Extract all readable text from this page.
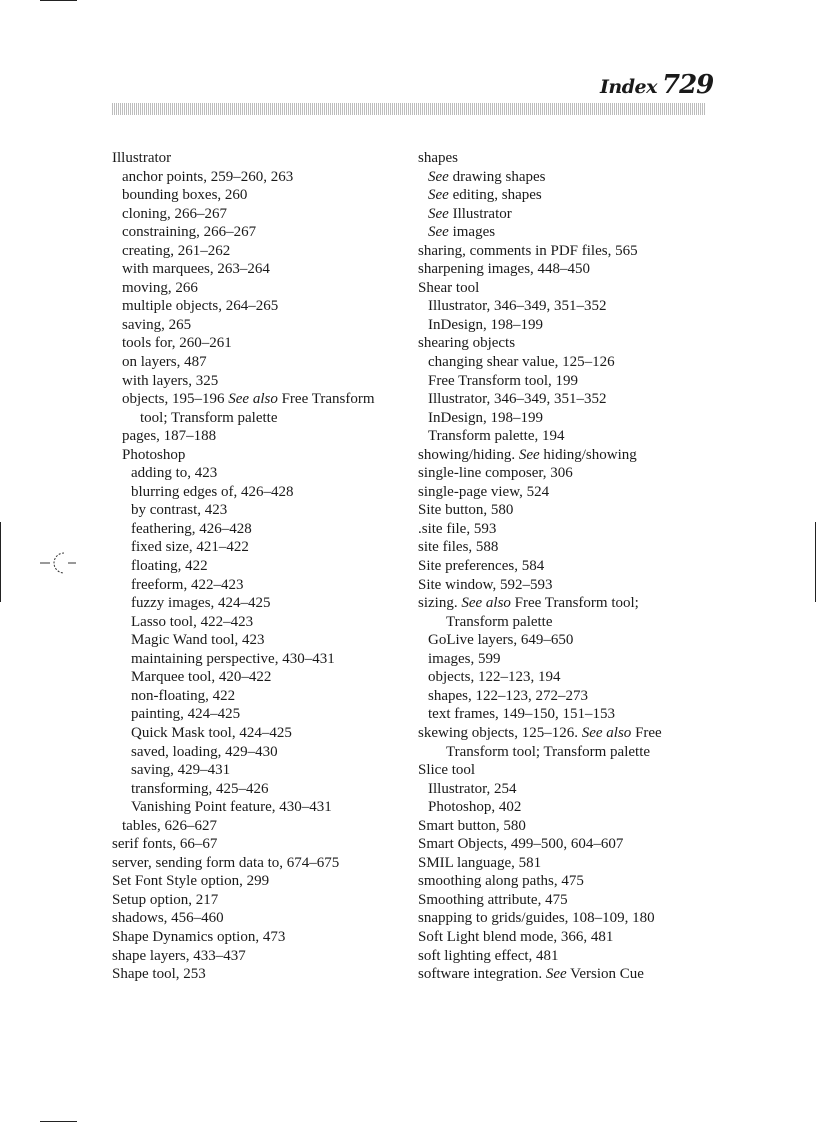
Index 729
Illustrator
anchor points, 259–260, 263
bounding boxes, 260
cloning, 266–267
constraining, 266–267
creating, 261–262
with marquees, 263–264
moving, 266
multiple objects, 264–265
saving, 265
tools for, 260–261
on layers, 487
with layers, 325
objects, 195–196 See also Free Transform
tool; Transform palette
pages, 187–188
Photoshop
adding to, 423
blurring edges of, 426–428
by contrast, 423
feathering, 426–428
fixed size, 421–422
floating, 422
freeform, 422–423
fuzzy images, 424–425
Lasso tool, 422–423
Magic Wand tool, 423
maintaining perspective, 430–431
Marquee tool, 420–422
non-floating, 422
painting, 424–425
Quick Mask tool, 424–425
saved, loading, 429–430
saving, 429–431
transforming, 425–426
Vanishing Point feature, 430–431
tables, 626–627
serif fonts, 66–67
server, sending form data to, 674–675
Set Font Style option, 299
Setup option, 217
shadows, 456–460
Shape Dynamics option, 473
shape layers, 433–437
Shape tool, 253
shapes
See drawing shapes
See editing, shapes
See Illustrator
See images
sharing, comments in PDF files, 565
sharpening images, 448–450
Shear tool
Illustrator, 346–349, 351–352
InDesign, 198–199
shearing objects
changing shear value, 125–126
Free Transform tool, 199
Illustrator, 346–349, 351–352
InDesign, 198–199
Transform palette, 194
showing/hiding. See hiding/showing
single-line composer, 306
single-page view, 524
Site button, 580
.site file, 593
site files, 588
Site preferences, 584
Site window, 592–593
sizing. See also Free Transform tool;
Transform palette
GoLive layers, 649–650
images, 599
objects, 122–123, 194
shapes, 122–123, 272–273
text frames, 149–150, 151–153
skewing objects, 125–126. See also Free
Transform tool; Transform palette
Slice tool
Illustrator, 254
Photoshop, 402
Smart button, 580
Smart Objects, 499–500, 604–607
SMIL language, 581
smoothing along paths, 475
Smoothing attribute, 475
snapping to grids/guides, 108–109, 180
Soft Light blend mode, 366, 481
soft lighting effect, 481
software integration. See Version Cue
